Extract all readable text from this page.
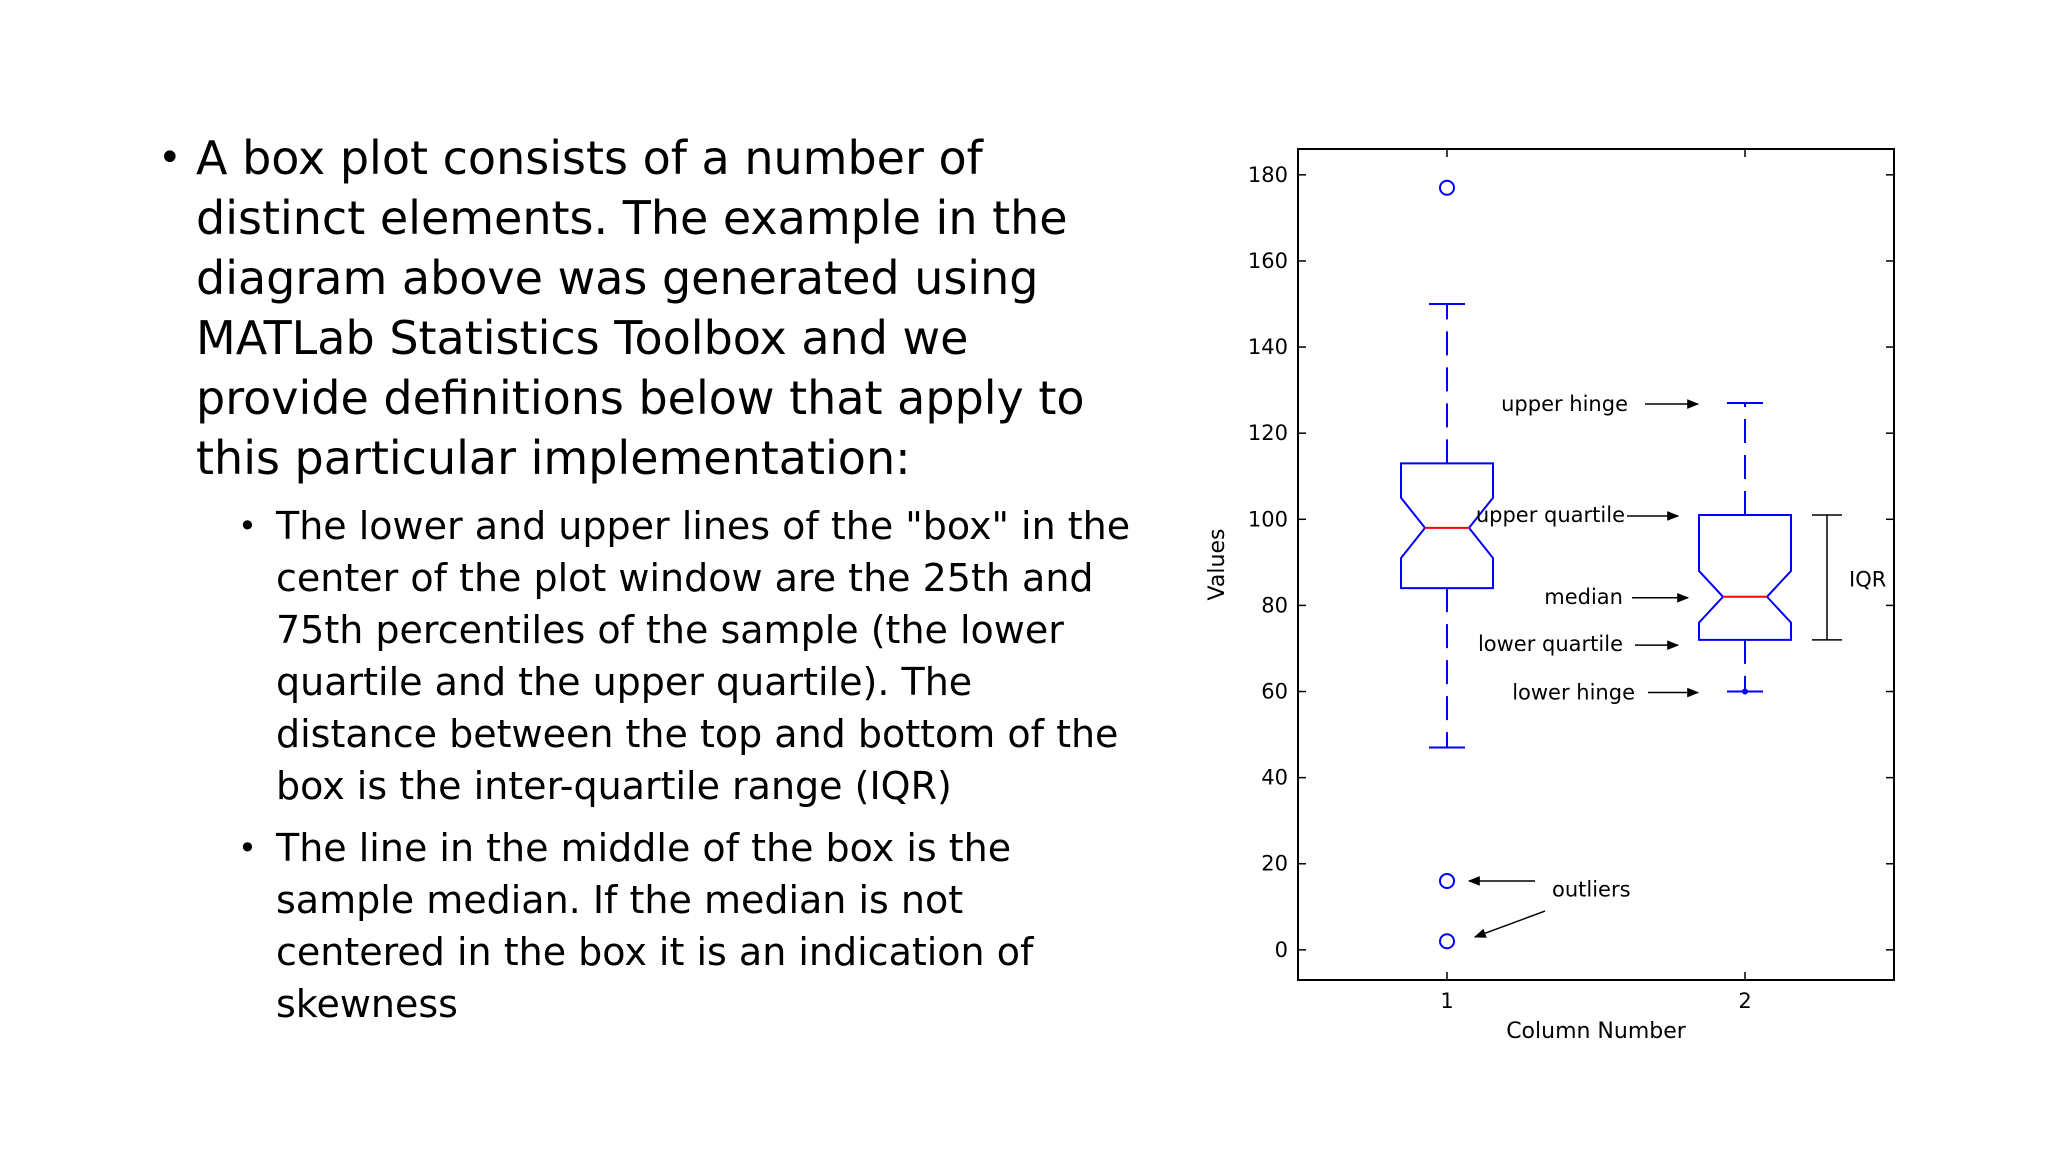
• A box plot consists of a number of distinct elements. The example in the diagram above was generated using MATLab Statistics Toolbox and we provide definitions below that apply to this particular implementation:
• The lower and upper lines of the "box" in the center of the plot window are the 25th and 75th percentiles of the sample (the lower quartile and the upper quartile). The distance between the top and bottom of the box is the inter-quartile range (IQR)
• The line in the middle of the box is the sample median. If the median is not centered in the box it is an indication of skewness
0
20
40
60
80
100
120
140
160
180
1	2
Column Number
Values
upper hinge
upper quartile
median
lower quartile
lower hinge
IQR
outliers
